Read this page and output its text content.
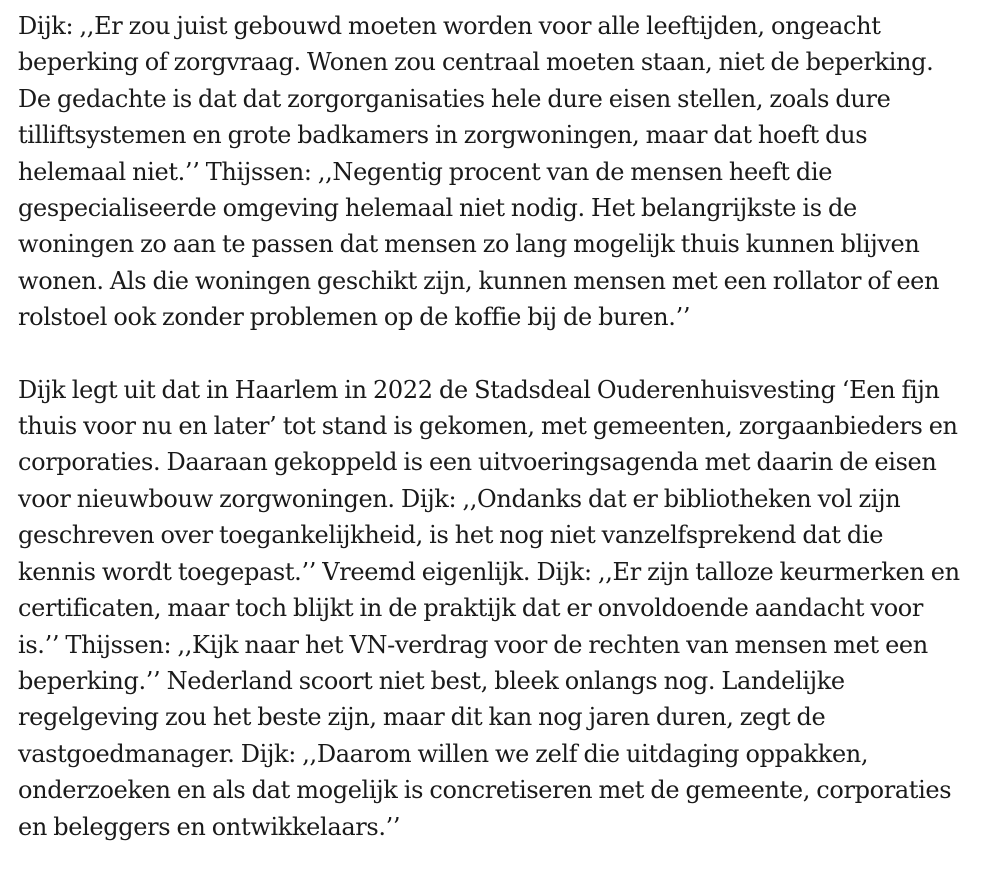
Dijk: ,,Er zou juist gebouwd moeten worden voor alle leeftijden, ongeacht
beperking of zorgvraag. Wonen zou centraal moeten staan, niet de beperking.
De gedachte is dat dat zorgorganisaties hele dure eisen stellen, zoals dure
tilliftsystemen en grote badkamers in zorgwoningen, maar dat hoeft dus
helemaal niet.’’ Thijssen: ,,Negentig procent van de mensen heeft die
gespecialiseerde omgeving helemaal niet nodig. Het belangrijkste is de
woningen zo aan te passen dat mensen zo lang mogelijk thuis kunnen blijven
wonen. Als die woningen geschikt zijn, kunnen mensen met een rollator of een
rolstoel ook zonder problemen op de koffie bij de buren.’’

Dijk legt uit dat in Haarlem in 2022 de Stadsdeal Ouderenhuisvesting ‘Een fijn
thuis voor nu en later’ tot stand is gekomen, met gemeenten, zorgaanbieders en
corporaties. Daaraan gekoppeld is een uitvoeringsagenda met daarin de eisen
voor nieuwbouw zorgwoningen. Dijk: ,,Ondanks dat er bibliotheken vol zijn
geschreven over toegankelijkheid, is het nog niet vanzelfsprekend dat die
kennis wordt toegepast.’’ Vreemd eigenlijk. Dijk: ,,Er zijn talloze keurmerken en
certificaten, maar toch blijkt in de praktijk dat er onvoldoende aandacht voor
is.’’ Thijssen: ,,Kijk naar het VN-verdrag voor de rechten van mensen met een
beperking.’’ Nederland scoort niet best, bleek onlangs nog. Landelijke
regelgeving zou het beste zijn, maar dit kan nog jaren duren, zegt de
vastgoedmanager. Dijk: ,,Daarom willen we zelf die uitdaging oppakken,
onderzoeken en als dat mogelijk is concretiseren met de gemeente, corporaties
en beleggers en ontwikkelaars.’’
